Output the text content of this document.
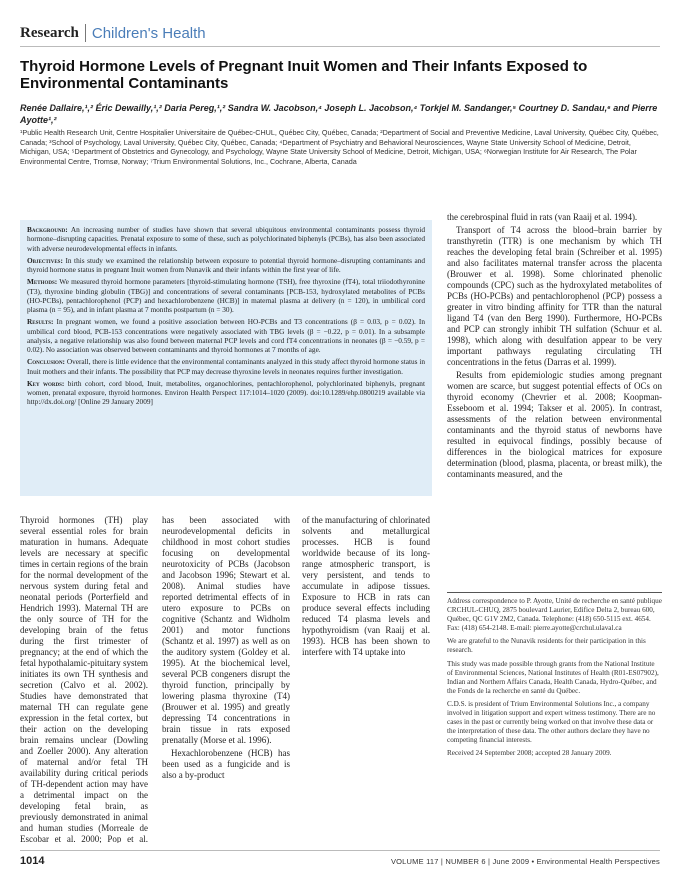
Research Children's Health
Thyroid Hormone Levels of Pregnant Inuit Women and Their Infants Exposed to Environmental Contaminants

Renée Dallaire,¹,² Éric Dewailly,¹,² Daria Pereg,¹,² Sandra W. Jacobson,⁴ Joseph L. Jacobson,⁴ Torkjel M. Sandanger,⁵ Courtney D. Sandau,⁶ and Pierre Ayotte¹,²

¹Public Health Research Unit, Centre Hospitalier Universitaire de Québec-CHUL, Québec City, Québec, Canada; ²Department of Social and Preventive Medicine, Laval University, Québec City, Québec, Canada; ³School of Psychology, Laval University, Québec City, Québec, Canada; ⁴Department of Psychiatry and Behavioral Neurosciences, Wayne State University School of Medicine, Detroit, Michigan, USA; ⁵Department of Obstetrics and Gynecology, and Psychology, Wayne State University School of Medicine, Detroit, Michigan, USA; ⁶Norwegian Institute for Air Research, The Polar Environmental Centre, Tromsø, Norway; ⁷Trium Environmental Solutions, Inc., Cochrane, Alberta, Canada

Background: An increasing number of studies have shown that several ubiquitous environmental contaminants possess thyroid hormone–disrupting capacities. Prenatal exposure to some of these, such as polychlorinated biphenyls (PCBs), has also been associated with adverse neurodevelopmental effects in infants.

Objectives: In this study we examined the relationship between exposure to potential thyroid hormone–disrupting contaminants and thyroid hormone status in pregnant Inuit women from Nunavik and their infants within the first year of life.

Methods: We measured thyroid hormone parameters [thyroid-stimulating hormone (TSH), free thyroxine (fT4), total triiodothyronine (T3), thyroxine binding globulin (TBG)] and concentrations of several contaminants [PCB-153, hydroxylated metabolites of PCBs (HO-PCBs), pentachlorophenol (PCP) and hexachlorobenzene (HCB)] in maternal plasma at delivery (n = 120), in umbilical cord plasma (n = 95), and in infant plasma at 7 months postpartum (n = 30).

Results: In pregnant women, we found a positive association between HO-PCBs and T3 concentrations (β = 0.03, p = 0.02). In umbilical cord blood, PCB-153 concentrations were negatively associated with TBG levels (β = −0.22, p = 0.01). In a subsample analysis, a negative relationship was also found between maternal PCP levels and cord fT4 concentrations in neonates (β = −0.59, p = 0.02). No association was observed between contaminants and thyroid hormones at 7 months of age.

Conclusion: Overall, there is little evidence that the environmental contaminants analyzed in this study affect thyroid hormone status in Inuit mothers and their infants. The possibility that PCP may decrease thyroxine levels in neonates requires further investigation.

Key words: birth cohort, cord blood, Inuit, metabolites, organochlorines, pentachlorophenol, polychlorinated biphenyls, pregnant women, prenatal exposure, thyroid hormones. Environ Health Perspect 117:1014–1020 (2009). doi:10.1289/ehp.0800219 available via http://dx.doi.org/ [Online 29 January 2009]

Thyroid hormones (TH) play several essential roles for brain maturation in humans. Adequate levels are necessary at specific times in certain regions of the brain for the normal development of the nervous system during fetal and neonatal periods (Porterfield and Hendrich 1993). Maternal TH are the only source of TH for the developing brain of the fetus during the first trimester of pregnancy; at the end of which the fetal hypothalamic-pituitary system initiates its own TH synthesis and secretion (Calvo et al. 2002). Studies have demonstrated that maternal TH can regulate gene expression in the fetal cortex, but their action on the developing brain remains unclear (Dowling and Zoeller 2000). Any alteration of maternal and/or fetal TH availability during critical periods of TH-dependent action may have a detrimental impact on the developing fetal brain, as previously demonstrated in animal and human studies (Morreale de Escobar et al. 2000; Pop et al.

has been associated with neurodevelopmental deficits in childhood in most cohort studies focusing on developmental neurotoxicity of PCBs (Jacobson and Jacobson 1996; Stewart et al. 2008). Animal studies have reported detrimental effects of in utero exposure to PCBs on cognitive (Schantz and Widholm 2001) and motor functions (Schantz et al. 1997) as well as on the auditory system (Goldey et al. 1995). At the biochemical level, several PCB congeners disrupt the thyroid function, principally by lowering plasma thyroxine (T4) (Brouwer et al. 1995) and greatly depressing T4 concentrations in brain tissue in rats exposed prenatally (Morse et al. 1996).

Hexachlorobenzene (HCB) has been used as a fungicide and is also a by-product

of the manufacturing of chlorinated solvents and metallurgical processes. HCB is found worldwide because of its long-range atmospheric transport, is very persistent, and tends to accumulate in adipose tissues. Exposure to HCB in rats can produce several effects including reduced T4 plasma levels and hypothyroidism (van Raaij et al. 1993). HCB has been shown to interfere with T4 uptake into

the cerebrospinal fluid in rats (van Raaij et al. 1994).

Transport of T4 across the blood–brain barrier by transthyretin (TTR) is one mechanism by which TH reaches the developing fetal brain (Schreiber et al. 1995) and also facilitates maternal transfer across the placenta (Brouwer et al. 1998). Some chlorinated phenolic compounds (CPC) such as the hydroxylated metabolites of PCBs (HO-PCBs) and pentachlorophenol (PCP) possess a greater in vitro binding affinity for TTR than the natural ligand T4 (van den Berg 1990). Furthermore, HO-PCBs and PCP can strongly inhibit TH sulfation (Schuur et al. 1998), which along with desulfation appear to be very important pathways regulating circulating TH concentrations in the fetus (Darras et al. 1999).

Results from epidemiologic studies among pregnant women are scarce, but suggest potential effects of OCs on thyroid economy (Chevrier et al. 2008; Koopman-Esseboom et al. 1994; Takser et al. 2005). In contrast, assessments of the relation between environmental contaminants and the thyroid status of newborns have resulted in equivocal findings, possibly because of differences in the biological matrices for exposure determination (blood, plasma, placenta, or breast milk), the contaminants measured, and the

Address correspondence to P. Ayotte, Unité de recherche en santé publique CRCHUL-CHUQ, 2875 boulevard Laurier, Edifice Delta 2, bureau 600, Québec, QC G1V 2M2, Canada. Telephone: (418) 650-5115 ext. 4654. Fax: (418) 654-2148. E-mail: pierre.ayotte@crchul.ulaval.ca

We are grateful to the Nunavik residents for their participation in this research.

This study was made possible through grants from the National Institute of Environmental Sciences, National Institutes of Health (R01-ES07902), Indian and Northern Affairs Canada, Health Canada, Hydro-Québec, and the Fonds de la recherche en santé du Québec.

C.D.S. is president of Trium Environmental Solutions Inc., a company involved in litigation support and expert witness testimony. There are no cases in the past or currently being worked on that involve these data or the interpretation of these data. The other authors declare they have no competing financial interests.

Received 24 September 2008; accepted 28 January 2009.

1014	VOLUME 117 | NUMBER 6 | June 2009 • Environmental Health Perspectives
